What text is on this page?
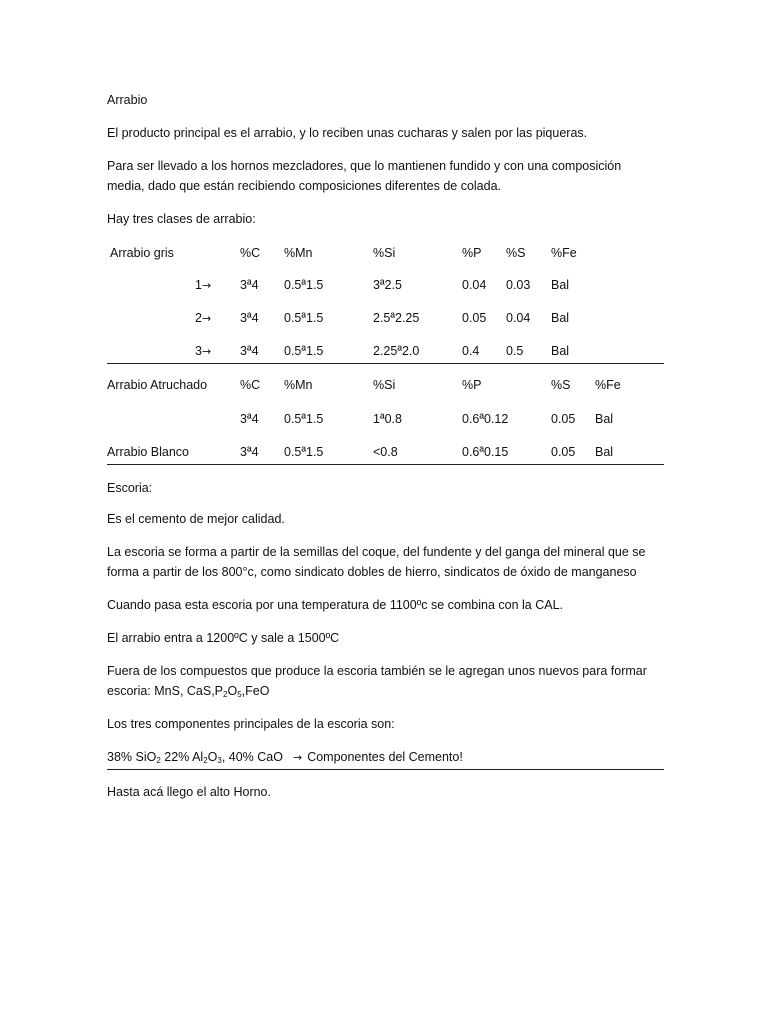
Arrabio
El producto principal es el arrabio, y lo reciben unas cucharas y salen por las piqueras.
Para ser llevado a los hornos mezcladores, que lo mantienen fundido y con una composición
media, dado que están recibiendo composiciones diferentes de colada.
Hay tres clases de arrabio:
Arrabio gris	%C %Mn	%Si	%P %S %Fe
1→ 3ª4 0.5ª1.5	3ª2.5	0.04 0.03 Bal
2→ 3ª4 0.5ª1.5	2.5ª2.25	0.05 0.04 Bal
3→ 3ª4 0.5ª1.5	2.25ª2.0	0.4 0.5 Bal
Arrabio Atruchado	%C %Mn	%Si	%P	%S %Fe
3ª4 0.5ª1.5	1ª0.8	0.6ª0.12	0.05 Bal
Arrabio Blanco	3ª4 0.5ª1.5	<0.8	0.6ª0.15	0.05 Bal
Escoria:
Es el cemento de mejor calidad.
La escoria se forma a partir de la semillas del coque, del fundente y del ganga del mineral que se
forma a partir de los 800°c, como sindicato dobles de hierro, sindicatos de óxido de manganeso
Cuando pasa esta escoria por una temperatura de 1100ºc se combina con la CAL.
El arrabio entra a 1200ºC y sale a 1500ºC
Fuera de los compuestos que produce la escoria también se le agregan unos nuevos para formar
escoria: MnS, $CaS,P_2O_5,FeO$
Los tres componentes principales de la escoria son:
38% SiO$_2$ 22% $Al_2O_3$, 40% CaO → Componentes del Cemento!
Hasta acá llego el alto Horno.
